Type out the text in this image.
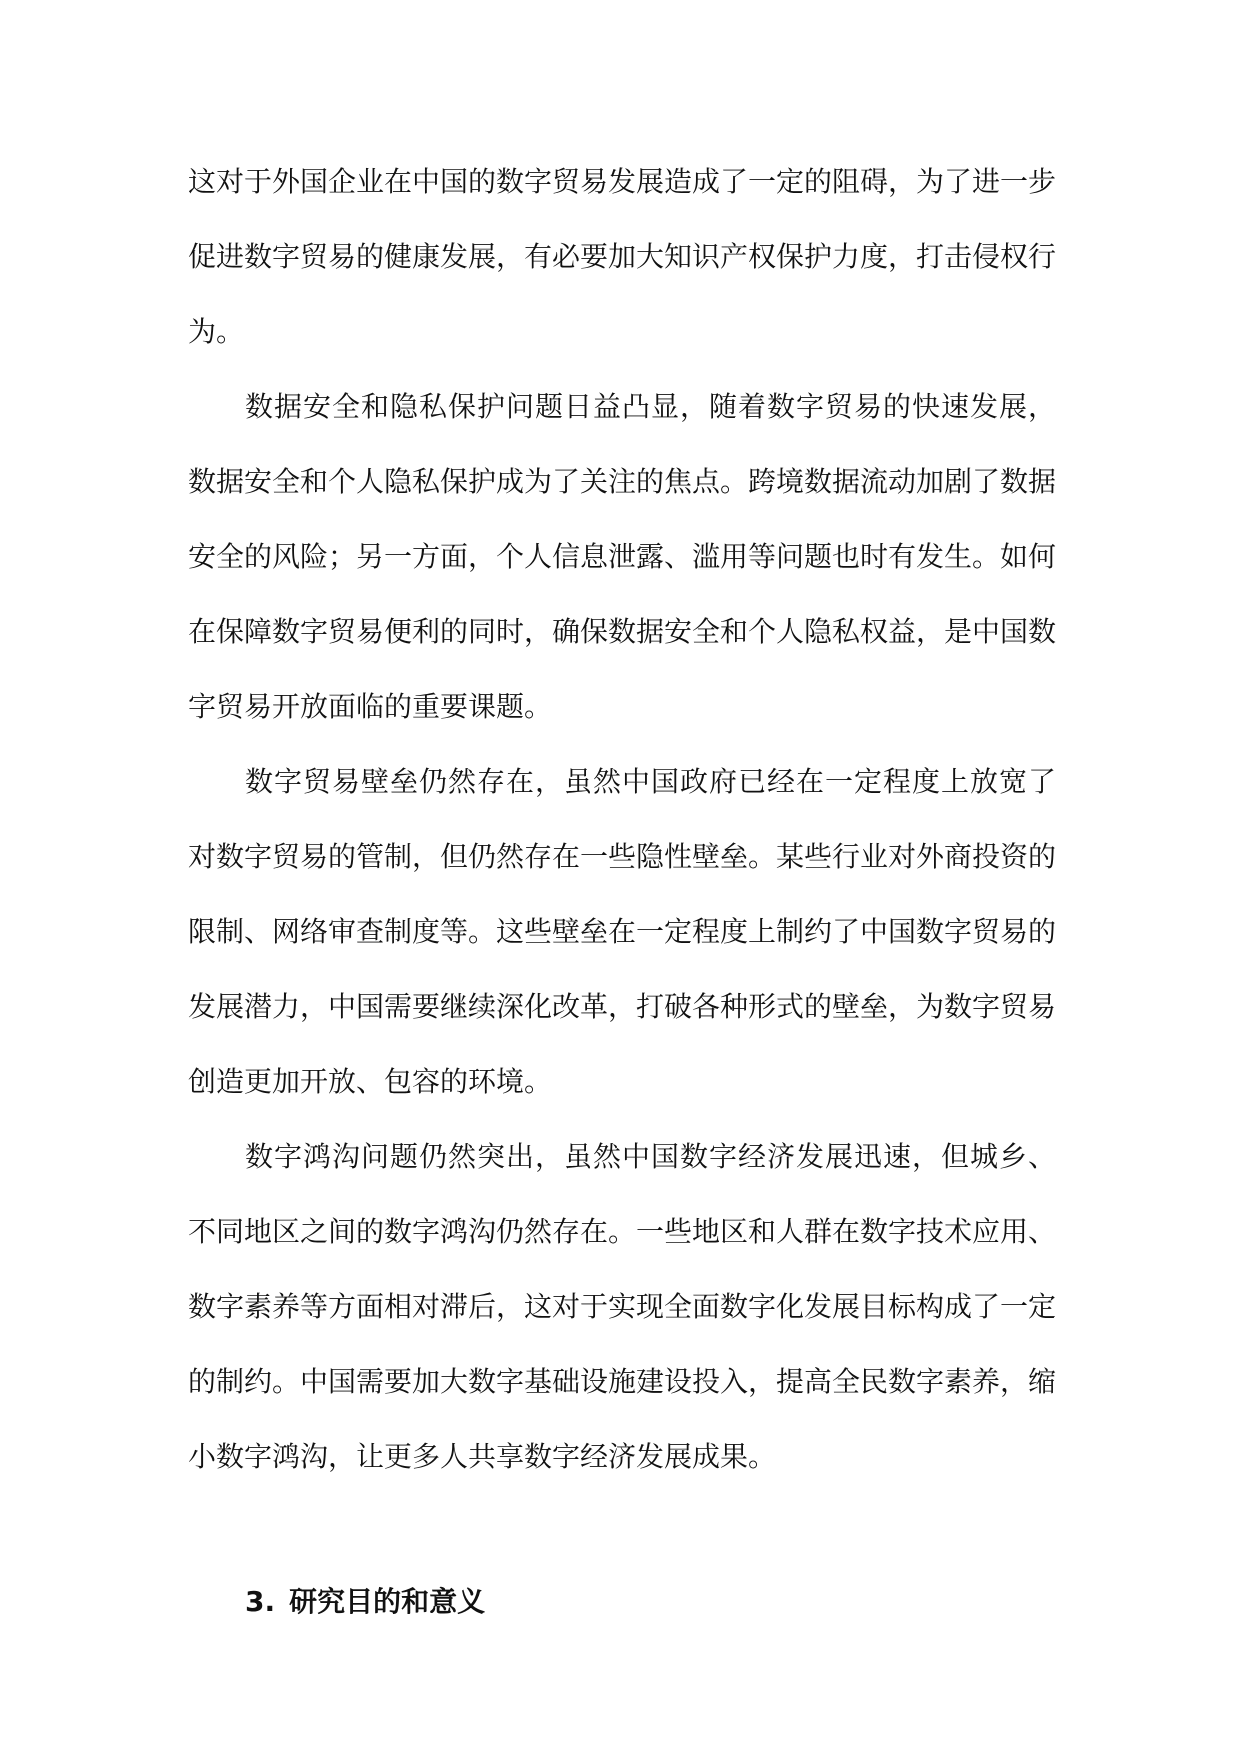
这对于外国企业在中国的数字贸易发展造成了一定的阻碍，为了进一步促进数字贸易的健康发展，有必要加大知识产权保护力度，打击侵权行为。

数据安全和隐私保护问题日益凸显，随着数字贸易的快速发展，数据安全和个人隐私保护成为了关注的焦点。跨境数据流动加剧了数据安全的风险；另一方面，个人信息泄露、滥用等问题也时有发生。如何在保障数字贸易便利的同时，确保数据安全和个人隐私权益，是中国数字贸易开放面临的重要课题。

数字贸易壁垒仍然存在，虽然中国政府已经在一定程度上放宽了对数字贸易的管制，但仍然存在一些隐性壁垒。某些行业对外商投资的限制、网络审查制度等。这些壁垒在一定程度上制约了中国数字贸易的发展潜力，中国需要继续深化改革，打破各种形式的壁垒，为数字贸易创造更加开放、包容的环境。

数字鸿沟问题仍然突出，虽然中国数字经济发展迅速，但城乡、不同地区之间的数字鸿沟仍然存在。一些地区和人群在数字技术应用、数字素养等方面相对滞后，这对于实现全面数字化发展目标构成了一定的制约。中国需要加大数字基础设施建设投入，提高全民数字素养，缩小数字鸿沟，让更多人共享数字经济发展成果。

3. 研究目的和意义
